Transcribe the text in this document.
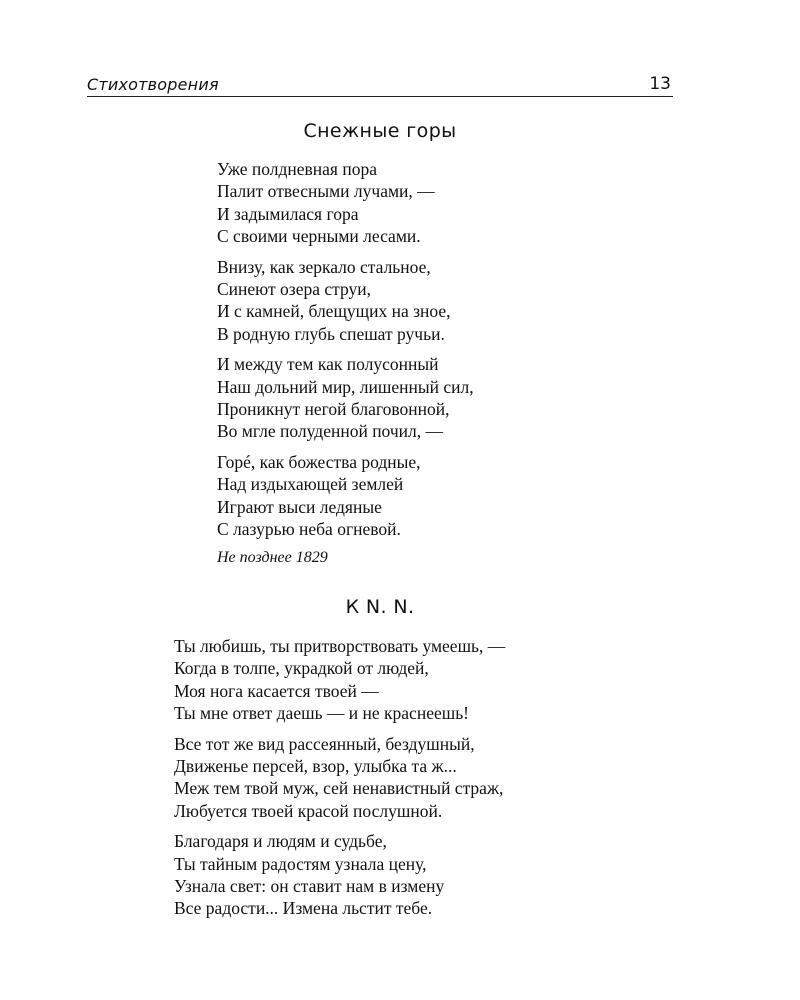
Стихотворения	13
Снежные горы
Уже полдневная пора
Палит отвесными лучами, —
И задымилася гора
С своими черными лесами.
Внизу, как зеркало стальное,
Синеют озера струи,
И с камней, блещущих на зное,
В родную глубь спешат ручьи.
И между тем как полусонный
Наш дольний мир, лишенный сил,
Проникнут негой благовонной,
Во мгле полуденной почил, —
Горé, как божества родные,
Над издыхающей землей
Играют выси ледяные
С лазурью неба огневой.
Не позднее 1829
К N. N.
Ты любишь, ты притворствовать умеешь, —
Когда в толпе, украдкой от людей,
Моя нога касается твоей —
Ты мне ответ даешь — и не краснеешь!
Все тот же вид рассеянный, бездушный,
Движенье персей, взор, улыбка та ж...
Меж тем твой муж, сей ненавистный страж,
Любуется твоей красой послушной.
Благодаря и людям и судьбе,
Ты тайным радостям узнала цену,
Узнала свет: он ставит нам в измену
Все радости... Измена льстит тебе.
